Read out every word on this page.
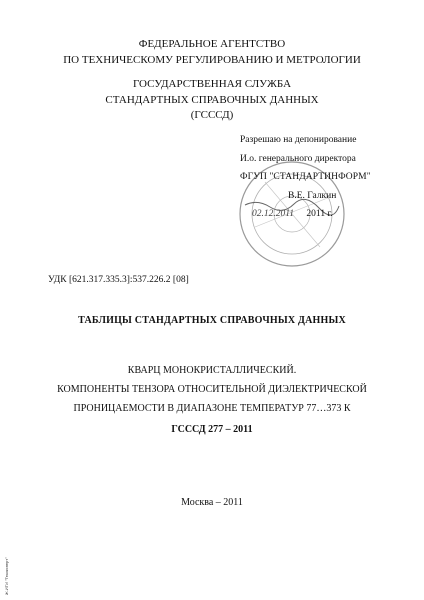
ФЕДЕРАЛЬНОЕ АГЕНТСТВО
ПО ТЕХНИЧЕСКОМУ РЕГУЛИРОВАНИЮ И МЕТРОЛОГИИ
ГОСУДАРСТВЕННАЯ СЛУЖБА
СТАНДАРТНЫХ СПРАВОЧНЫХ ДАННЫХ
(ГСССД)
Разрешаю на депонирование
И.о. генерального директора
ФГУП "СТАНДАРТИНФОРМ"
В.Е. Галкин
02.12.2011 2011 г.
УДК [621.317.335.3]:537.226.2 [08]
ТАБЛИЦЫ СТАНДАРТНЫХ СПРАВОЧНЫХ ДАННЫХ
КВАРЦ МОНОКРИСТАЛЛИЧЕСКИЙ.
КОМПОНЕНТЫ ТЕНЗОРА ОТНОСИТЕЛЬНОЙ ДИЭЛЕКТРИЧЕСКОЙ
ПРОНИЦАЕМОСТИ В ДИАПАЗОНЕ ТЕМПЕРАТУР 77…373 К
ГСССД 277 – 2011
Москва – 2011
Ж.ИТИ "Техэксперт"
